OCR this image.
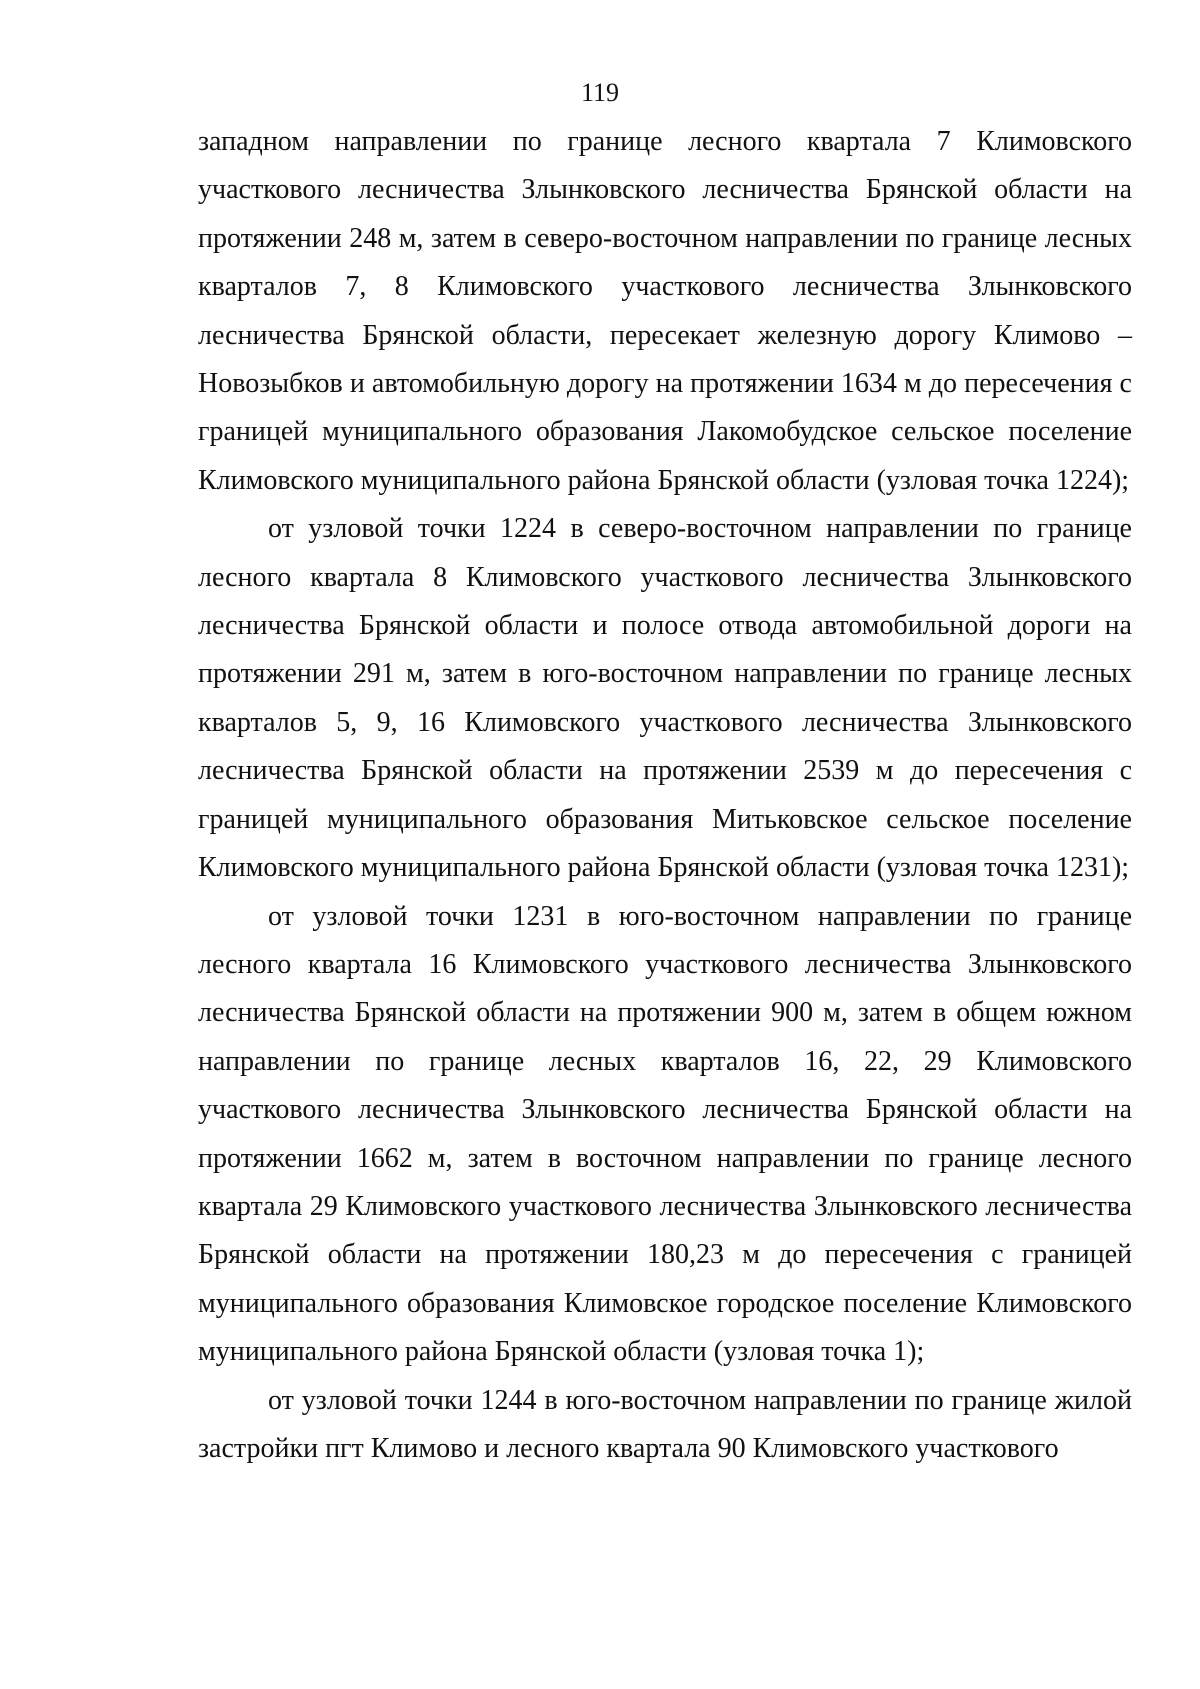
119

западном направлении по границе лесного квартала 7 Климовского участкового лесничества Злынковского лесничества Брянской области на протяжении 248 м, затем в северо-восточном направлении по границе лесных кварталов 7, 8 Климовского участкового лесничества Злынковского лесничества Брянской области, пересекает железную дорогу Климово – Новозыбков и автомобильную дорогу на протяжении 1634 м до пересечения с границей муниципального образования Лакомобудское сельское поселение Климовского муниципального района Брянской области (узловая точка 1224);

от узловой точки 1224 в северо-восточном направлении по границе лесного квартала 8 Климовского участкового лесничества Злынковского лесничества Брянской области и полосе отвода автомобильной дороги на протяжении 291 м, затем в юго-восточном направлении по границе лесных кварталов 5, 9, 16 Климовского участкового лесничества Злынковского лесничества Брянской области на протяжении 2539 м до пересечения с границей муниципального образования Митьковское сельское поселение Климовского муниципального района Брянской области (узловая точка 1231);

от узловой точки 1231 в юго-восточном направлении по границе лесного квартала 16 Климовского участкового лесничества Злынковского лесничества Брянской области на протяжении 900 м, затем в общем южном направлении по границе лесных кварталов 16, 22, 29 Климовского участкового лесничества Злынковского лесничества Брянской области на протяжении 1662 м, затем в восточном направлении по границе лесного квартала 29 Климовского участкового лесничества Злынковского лесничества Брянской области на протяжении 180,23 м до пересечения с границей муниципального образования Климовское городское поселение Климовского муниципального района Брянской области (узловая точка 1);

от узловой точки 1244 в юго-восточном направлении по границе жилой застройки пгт Климово и лесного квартала 90 Климовского участкового
